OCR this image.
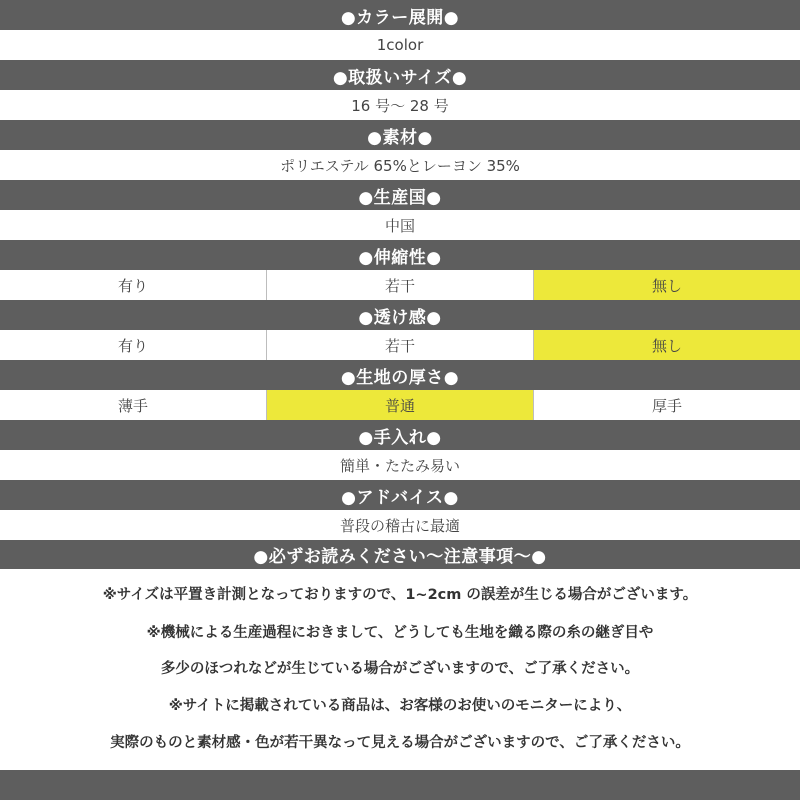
●カラー展開●
1color
●取扱いサイズ●
16 号～ 28 号
●素材●
ポリエステル 65%とレーヨン 35%
●生産国●
中国
●伸縮性●
有り	若干	無し
●透け感●
有り	若干	無し
●生地の厚さ●
薄手	普通	厚手
●手入れ●
簡単・たたみ易い
●アドバイス●
普段の稽古に最適
●必ずお読みください～注意事項～●
※サイズは平置き計測となっておりますので、1~2cm の誤差が生じる場合がございます。
※機械による生産過程におきまして、どうしても生地を織る際の糸の継ぎ目や
多少のほつれなどが生じている場合がございますので、ご了承ください。
※サイトに掲載されている商品は、お客様のお使いのモニターにより、
実際のものと素材感・色が若干異なって見える場合がございますので、ご了承ください。
